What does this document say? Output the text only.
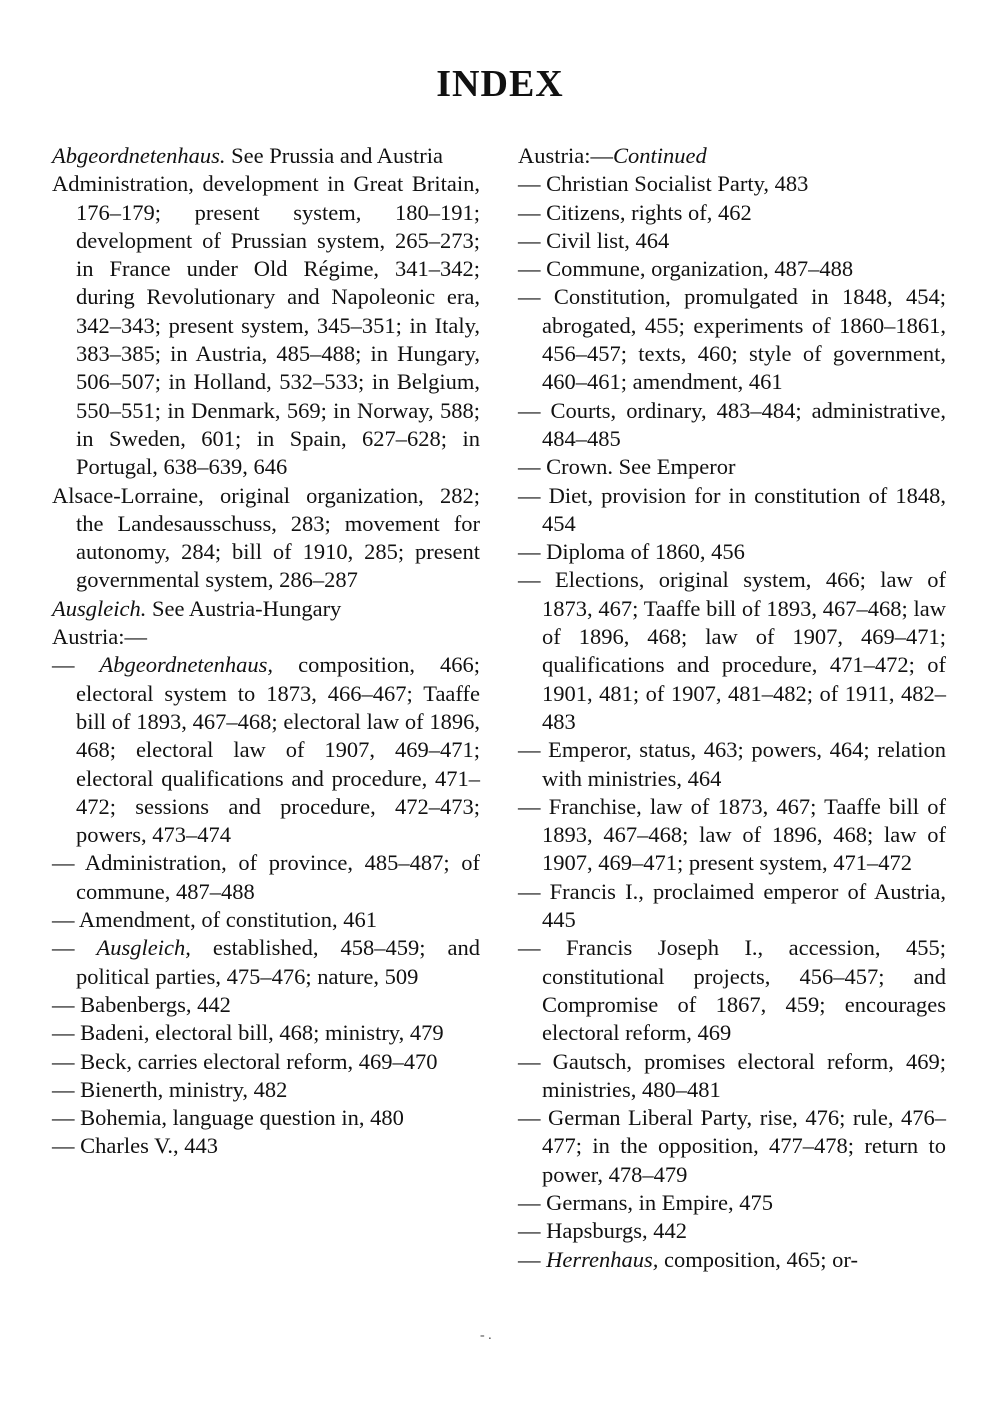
INDEX

Abgeordnetenhaus. See Prussia and Austria

Administration, development in Great Britain, 176–179; present system, 180–191; development of Prussian system, 265–273; in France under Old Régime, 341–342; during Revolutionary and Napoleonic era, 342–343; present system, 345–351; in Italy, 383–385; in Austria, 485–488; in Hungary, 506–507; in Holland, 532–533; in Belgium, 550–551; in Denmark, 569; in Norway, 588; in Sweden, 601; in Spain, 627–628; in Portugal, 638–639, 646

Alsace-Lorraine, original organization, 282; the Landesausschuss, 283; movement for autonomy, 284; bill of 1910, 285; present governmental system, 286–287

Ausgleich. See Austria-Hungary

Austria:—

— Abgeordnetenhaus, composition, 466; electoral system to 1873, 466–467; Taaffe bill of 1893, 467–468; electoral law of 1896, 468; electoral law of 1907, 469–471; electoral qualifications and procedure, 471–472; sessions and procedure, 472–473; powers, 473–474

— Administration, of province, 485–487; of commune, 487–488

— Amendment, of constitution, 461

— Ausgleich, established, 458–459; and political parties, 475–476; nature, 509

— Babenbergs, 442

— Badeni, electoral bill, 468; ministry, 479

— Beck, carries electoral reform, 469–470

— Bienerth, ministry, 482

— Bohemia, language question in, 480

— Charles V., 443

Austria:—Continued

— Christian Socialist Party, 483

— Citizens, rights of, 462

— Civil list, 464

— Commune, organization, 487–488

— Constitution, promulgated in 1848, 454; abrogated, 455; experiments of 1860–1861, 456–457; texts, 460; style of government, 460–461; amendment, 461

— Courts, ordinary, 483–484; administrative, 484–485

— Crown. See Emperor

— Diet, provision for in constitution of 1848, 454

— Diploma of 1860, 456

— Elections, original system, 466; law of 1873, 467; Taaffe bill of 1893, 467–468; law of 1896, 468; law of 1907, 469–471; qualifications and procedure, 471–472; of 1901, 481; of 1907, 481–482; of 1911, 482–483

— Emperor, status, 463; powers, 464; relation with ministries, 464

— Franchise, law of 1873, 467; Taaffe bill of 1893, 467–468; law of 1896, 468; law of 1907, 469–471; present system, 471–472

— Francis I., proclaimed emperor of Austria, 445

— Francis Joseph I., accession, 455; constitutional projects, 456–457; and Compromise of 1867, 459; encourages electoral reform, 469

— Gautsch, promises electoral reform, 469; ministries, 480–481

— German Liberal Party, rise, 476; rule, 476–477; in the opposition, 477–478; return to power, 478–479

— Germans, in Empire, 475

— Hapsburgs, 442

— Herrenhaus, composition, 465; or-

- .
